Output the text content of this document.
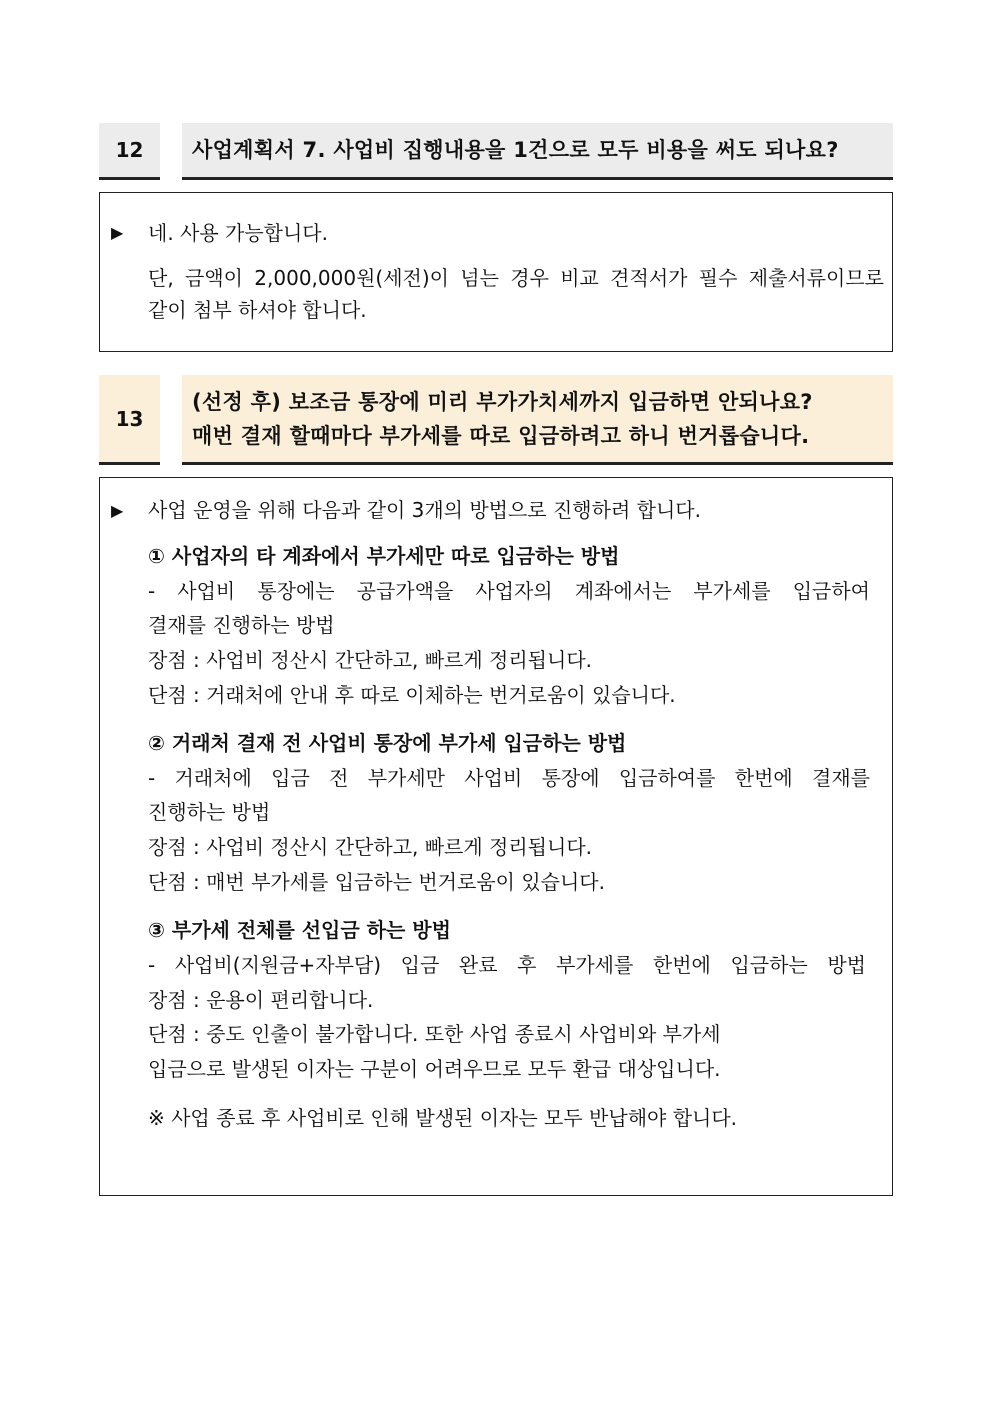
12	사업계획서 7. 사업비 집행내용을 1건으로 모두 비용을 써도 되나요?
▶ 네. 사용 가능합니다.
단, 금액이 2,000,000원(세전)이 넘는 경우 비교 견적서가 필수 제출서류이므로
같이 첨부 하셔야 합니다.
13
(선정 후) 보조금 통장에 미리 부가가치세까지 입금하면 안되나요?
매번 결재 할때마다 부가세를 따로 입금하려고 하니 번거롭습니다.
▶ 사업 운영을 위해 다음과 같이 3개의 방법으로 진행하려 합니다.
① 사업자의 타 계좌에서 부가세만 따로 입금하는 방법
- 사업비 통장에는 공급가액을 사업자의 계좌에서는 부가세를 입금하여
결재를 진행하는 방법
장점 : 사업비 정산시 간단하고, 빠르게 정리됩니다.
단점 : 거래처에 안내 후 따로 이체하는 번거로움이 있습니다.
② 거래처 결재 전 사업비 통장에 부가세 입금하는 방법
- 거래처에 입금 전 부가세만 사업비 통장에 입금하여를 한번에 결재를
진행하는 방법
장점 : 사업비 정산시 간단하고, 빠르게 정리됩니다.
단점 : 매번 부가세를 입금하는 번거로움이 있습니다.
③ 부가세 전체를 선입금 하는 방법
- 사업비(지원금+자부담) 입금 완료 후 부가세를 한번에 입금하는 방법
장점 : 운용이 편리합니다.
단점 : 중도 인출이 불가합니다. 또한 사업 종료시 사업비와 부가세
입금으로 발생된 이자는 구분이 어려우므로 모두 환급 대상입니다.
※ 사업 종료 후 사업비로 인해 발생된 이자는 모두 반납해야 합니다.
